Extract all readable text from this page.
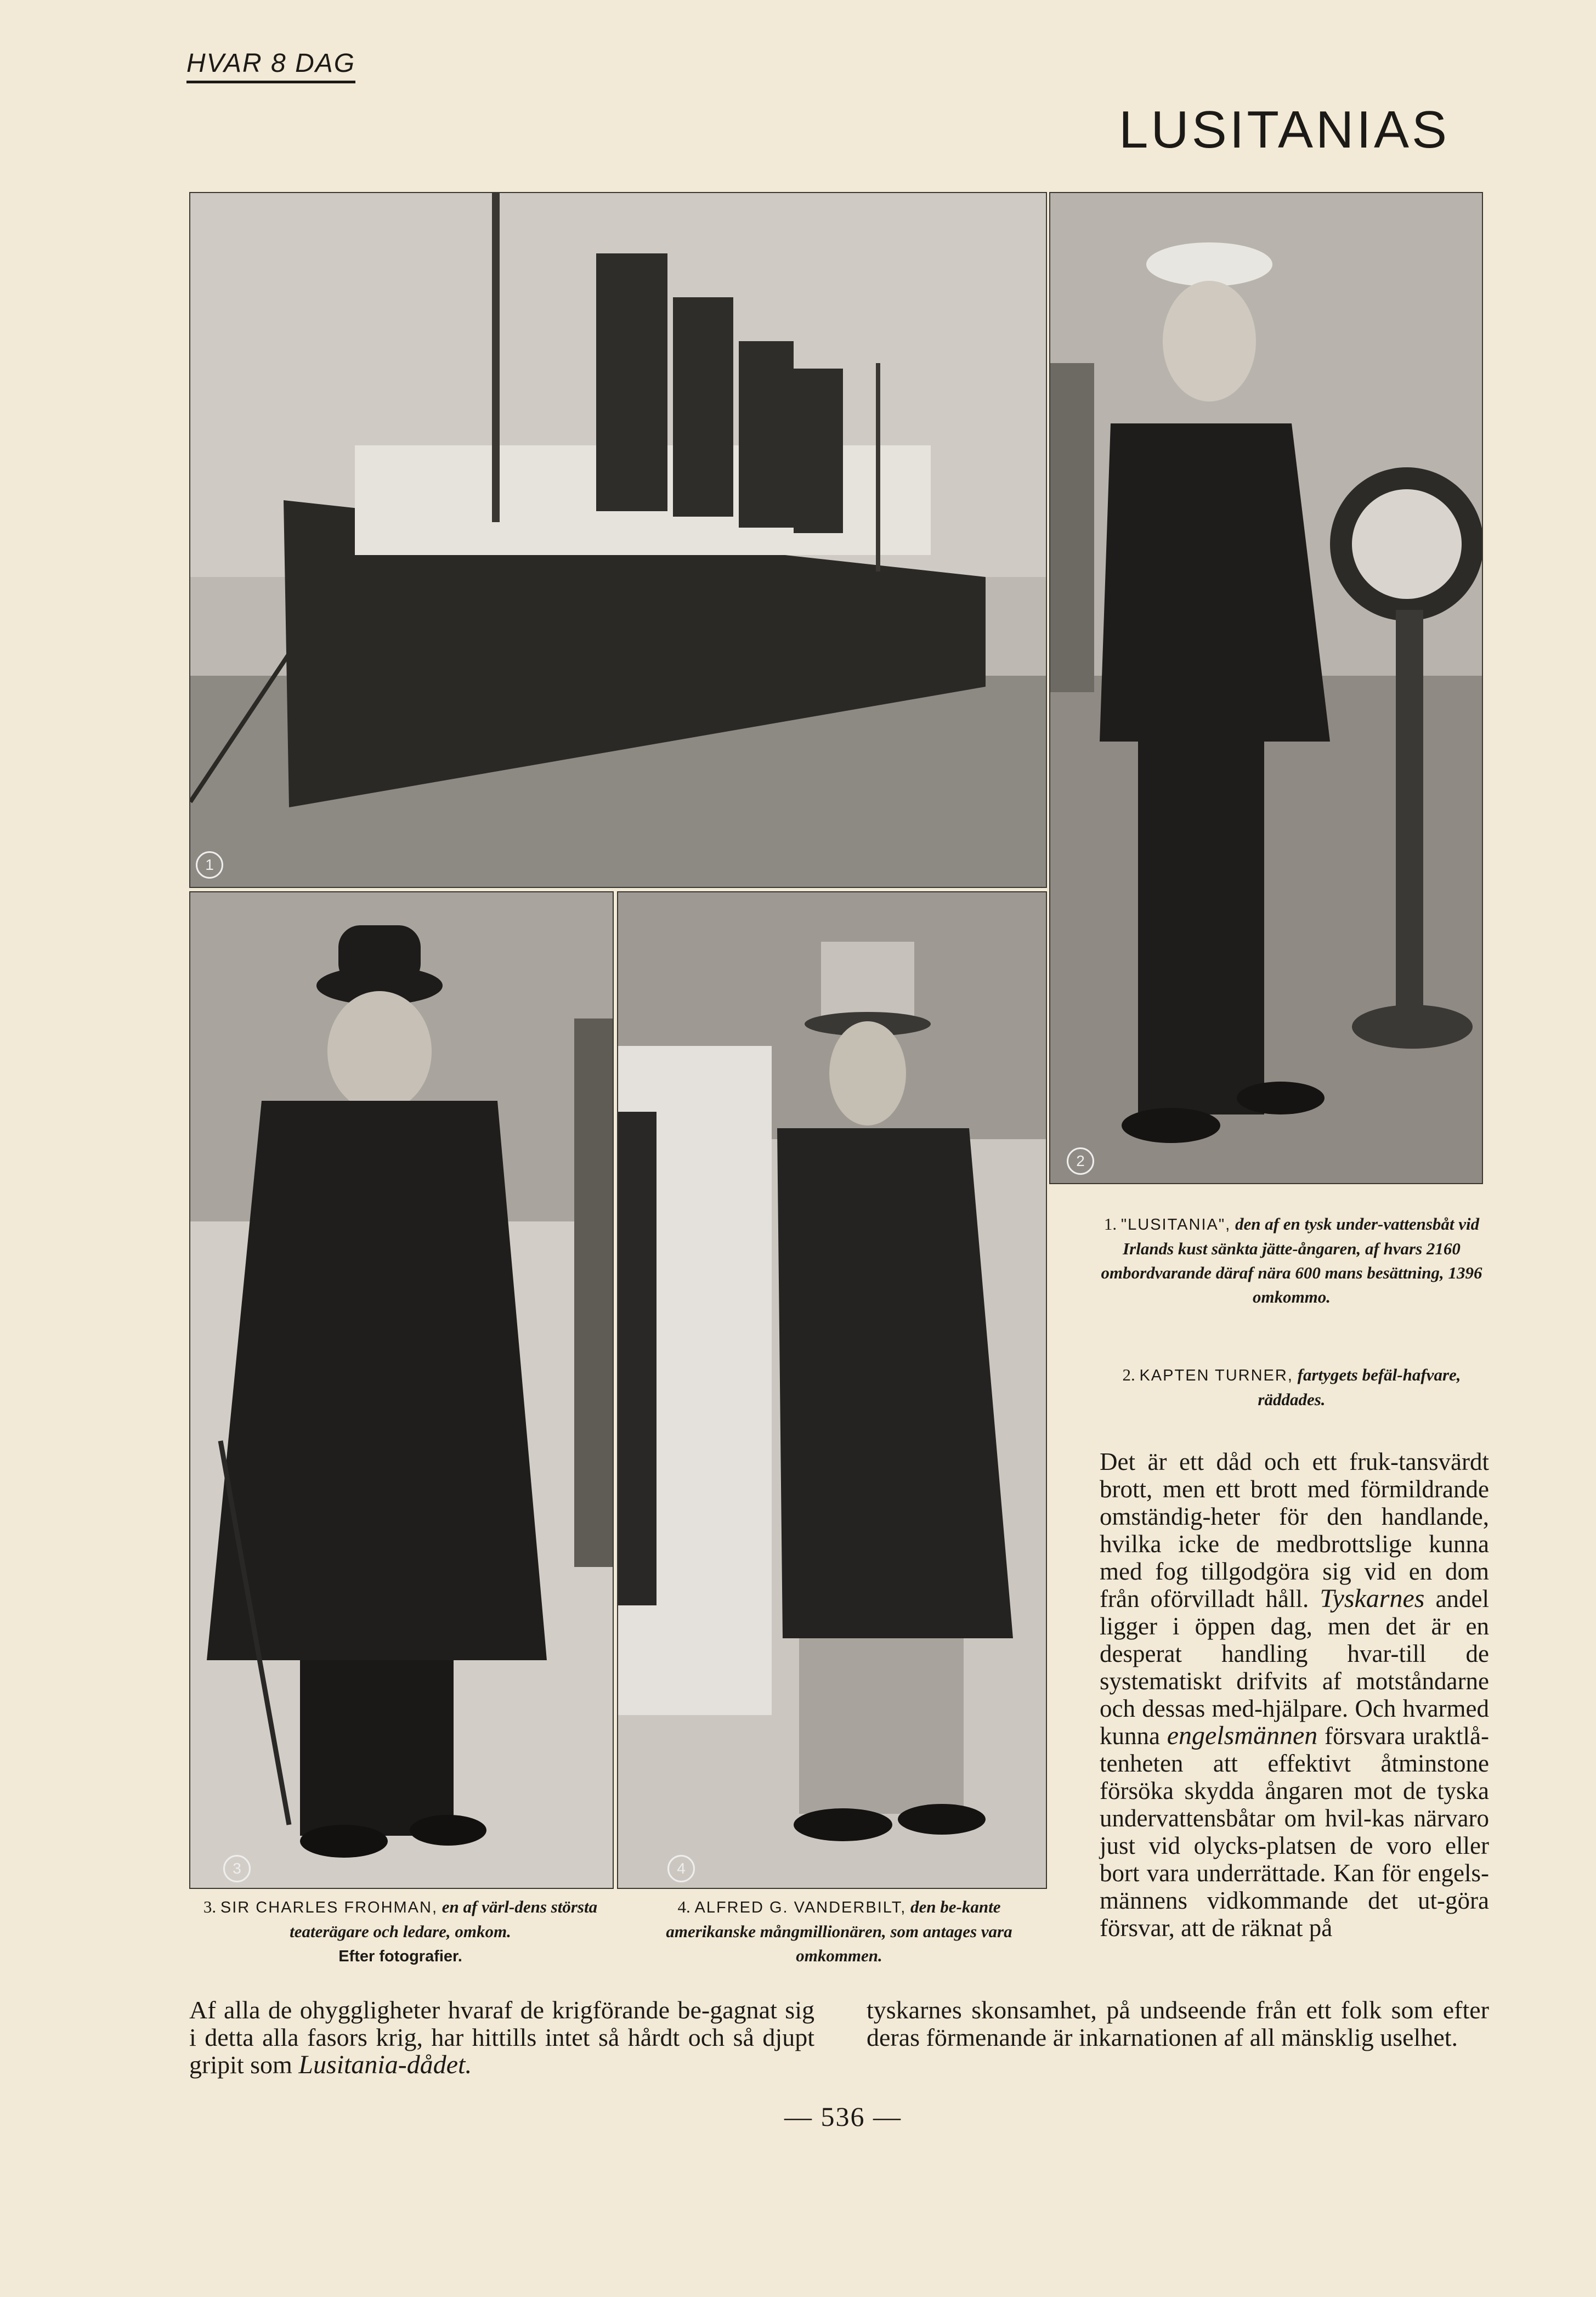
HVAR 8 DAG
LUSITANIAS
1
2
3	4
1. "LUSITANIA", den af en tysk under-vattensbåt vid Irlands kust sänkta jätte-ångaren, af hvars 2160 ombordvarande däraf nära 600 mans besättning, 1396 omkommo.
2. KAPTEN TURNER, fartygets befäl-hafvare, räddades.
Det är ett dåd och ett fruk-tansvärdt brott, men ett brott med förmildrande omständig-heter för den handlande, hvilka icke de medbrottslige kunna med fog tillgodgöra sig vid en dom från oförvilladt håll. Tyskarnes andel ligger i öppen dag, men det är en desperat handling hvar-till de systematiskt drifvits af motståndarne och dessas med-hjälpare. Och hvarmed kunna engelsmännen försvara uraktlå-tenheten att effektivt åtminstone försöka skydda ångaren mot de tyska undervattensbåtar om hvil-kas närvaro just vid olycks-platsen de voro eller bort vara underrättade. Kan för engels-männens vidkommande det ut-göra försvar, att de räknat på
3. SIR CHARLES FROHMAN, en af värl-dens största teaterägare och ledare, omkom.
Efter fotografier.
4. ALFRED G. VANDERBILT, den be-kante amerikanske mångmillionären, som antages vara omkommen.
Af alla de ohyggligheter hvaraf de krigförande be-gagnat sig i detta alla fasors krig, har hittills intet så hårdt och så djupt gripit som Lusitania-dådet.
tyskarnes skonsamhet, på undseende från ett folk som efter deras förmenande är inkarnationen af all mänsklig uselhet.
— 536 —
